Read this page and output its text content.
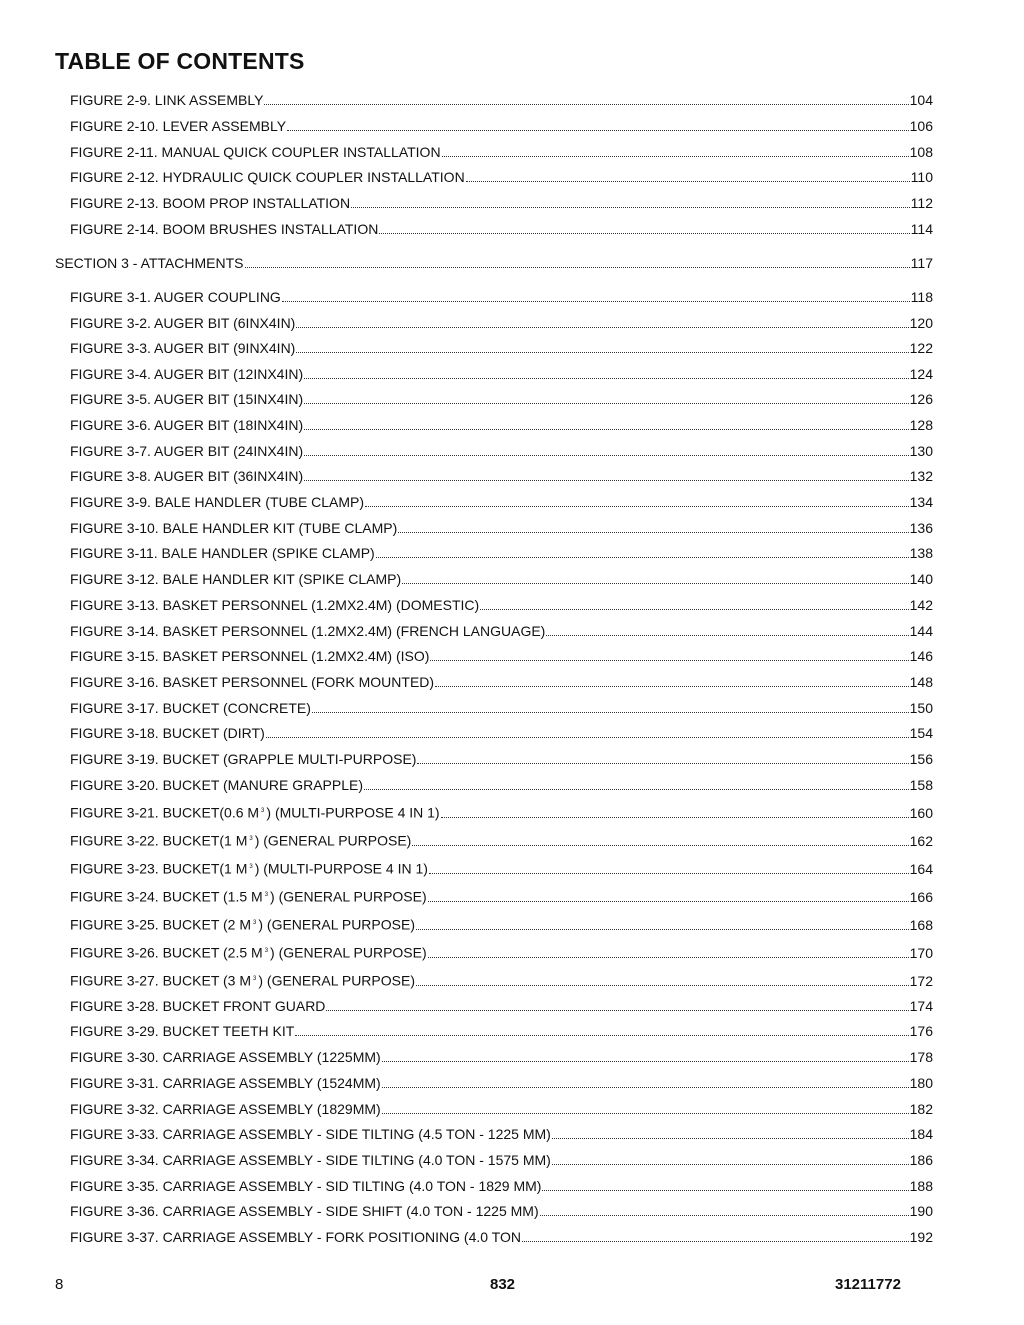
TABLE OF CONTENTS
FIGURE 2-9. LINK ASSEMBLY	104
FIGURE 2-10. LEVER ASSEMBLY	106
FIGURE 2-11. MANUAL QUICK COUPLER INSTALLATION	108
FIGURE 2-12. HYDRAULIC QUICK COUPLER INSTALLATION	110
FIGURE 2-13. BOOM PROP INSTALLATION	112
FIGURE 2-14. BOOM BRUSHES INSTALLATION	114
SECTION 3 - ATTACHMENTS	117
FIGURE 3-1. AUGER COUPLING	118
FIGURE 3-2. AUGER BIT (6INX4IN)	120
FIGURE 3-3. AUGER BIT (9INX4IN)	122
FIGURE 3-4. AUGER BIT (12INX4IN)	124
FIGURE 3-5. AUGER BIT (15INX4IN)	126
FIGURE 3-6. AUGER BIT (18INX4IN)	128
FIGURE 3-7. AUGER BIT (24INX4IN)	130
FIGURE 3-8. AUGER BIT (36INX4IN)	132
FIGURE 3-9. BALE HANDLER (TUBE CLAMP)	134
FIGURE 3-10. BALE HANDLER KIT (TUBE CLAMP)	136
FIGURE 3-11. BALE HANDLER (SPIKE CLAMP)	138
FIGURE 3-12. BALE HANDLER KIT (SPIKE CLAMP)	140
FIGURE 3-13. BASKET PERSONNEL (1.2MX2.4M) (DOMESTIC)	142
FIGURE 3-14. BASKET PERSONNEL (1.2MX2.4M) (FRENCH LANGUAGE)	144
FIGURE 3-15. BASKET PERSONNEL (1.2MX2.4M) (ISO)	146
FIGURE 3-16. BASKET PERSONNEL (FORK MOUNTED)	148
FIGURE 3-17. BUCKET (CONCRETE)	150
FIGURE 3-18. BUCKET (DIRT)	154
FIGURE 3-19. BUCKET (GRAPPLE MULTI-PURPOSE)	156
FIGURE 3-20. BUCKET (MANURE GRAPPLE)	158
FIGURE 3-21. BUCKET(0.6 M $^3$ ) (MULTI-PURPOSE 4 IN 1)	160
FIGURE 3-22. BUCKET(1 M $^3$ ) (GENERAL PURPOSE)	162
FIGURE 3-23. BUCKET(1 M $^3$ ) (MULTI-PURPOSE 4 IN 1)	164
FIGURE 3-24. BUCKET (1.5 M $^3$ ) (GENERAL PURPOSE)	166
FIGURE 3-25. BUCKET (2 M $^3$ ) (GENERAL PURPOSE)	168
FIGURE 3-26. BUCKET (2.5 M $^3$ ) (GENERAL PURPOSE)	170
FIGURE 3-27. BUCKET (3 M $^3$ ) (GENERAL PURPOSE)	172
FIGURE 3-28. BUCKET FRONT GUARD	174
FIGURE 3-29. BUCKET TEETH KIT	176
FIGURE 3-30. CARRIAGE ASSEMBLY (1225MM)	178
FIGURE 3-31. CARRIAGE ASSEMBLY (1524MM)	180
FIGURE 3-32. CARRIAGE ASSEMBLY (1829MM)	182
FIGURE 3-33. CARRIAGE ASSEMBLY - SIDE TILTING (4.5 TON - 1225 MM)	184
FIGURE 3-34. CARRIAGE ASSEMBLY - SIDE TILTING (4.0 TON - 1575 MM)	186
FIGURE 3-35. CARRIAGE ASSEMBLY - SID TILTING (4.0 TON - 1829 MM)	188
FIGURE 3-36. CARRIAGE ASSEMBLY - SIDE SHIFT (4.0 TON - 1225 MM)	190
FIGURE 3-37. CARRIAGE ASSEMBLY - FORK POSITIONING (4.0 TON	192
8	832	31211772
